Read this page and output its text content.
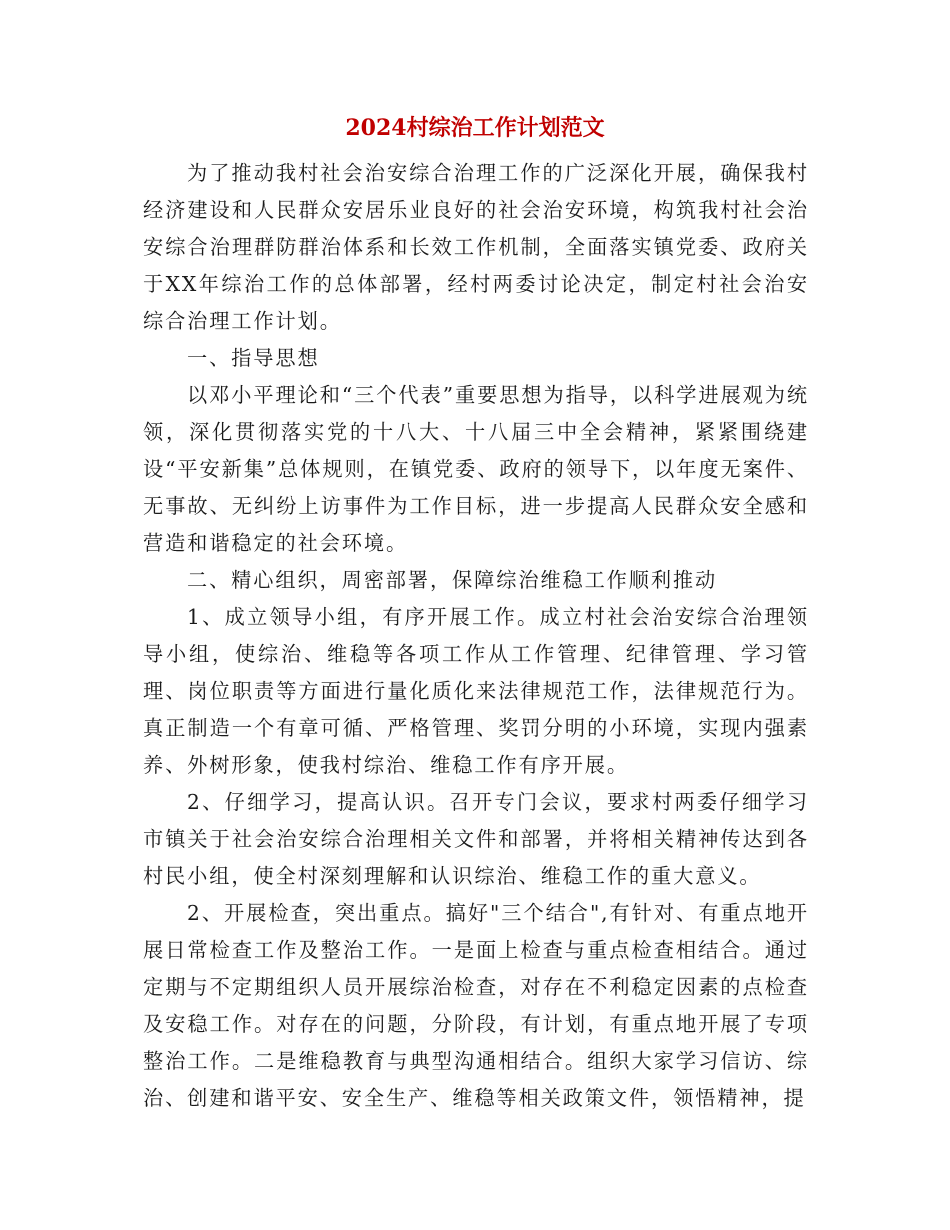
2024村综治工作计划范文

为了推动我村社会治安综合治理工作的广泛深化开展，确保我村经济建设和人民群众安居乐业良好的社会治安环境，构筑我村社会治安综合治理群防群治体系和长效工作机制，全面落实镇党委、政府关于XX年综治工作的总体部署，经村两委讨论决定，制定村社会治安综合治理工作计划。

一、指导思想

以邓小平理论和“三个代表”重要思想为指导，以科学进展观为统领，深化贯彻落实党的十八大、十八届三中全会精神，紧紧围绕建设“平安新集”总体规则，在镇党委、政府的领导下，以年度无案件、无事故、无纠纷上访事件为工作目标，进一步提高人民群众安全感和营造和谐稳定的社会环境。

二、精心组织，周密部署，保障综治维稳工作顺利推动

1、成立领导小组，有序开展工作。成立村社会治安综合治理领导小组，使综治、维稳等各项工作从工作管理、纪律管理、学习管理、岗位职责等方面进行量化质化来法律规范工作，法律规范行为。真正制造一个有章可循、严格管理、奖罚分明的小环境，实现内强素养、外树形象，使我村综治、维稳工作有序开展。

2、仔细学习，提高认识。召开专门会议，要求村两委仔细学习市镇关于社会治安综合治理相关文件和部署，并将相关精神传达到各村民小组，使全村深刻理解和认识综治、维稳工作的重大意义。

2、开展检查，突出重点。搞好"三个结合",有针对、有重点地开展日常检查工作及整治工作。一是面上检查与重点检查相结合。通过定期与不定期组织人员开展综治检查，对存在不利稳定因素的点检查及安稳工作。对存在的问题，分阶段，有计划，有重点地开展了专项整治工作。二是维稳教育与典型沟通相结合。组织大家学习信访、综治、创建和谐平安、安全生产、维稳等相关政策文件，领悟精神，提
